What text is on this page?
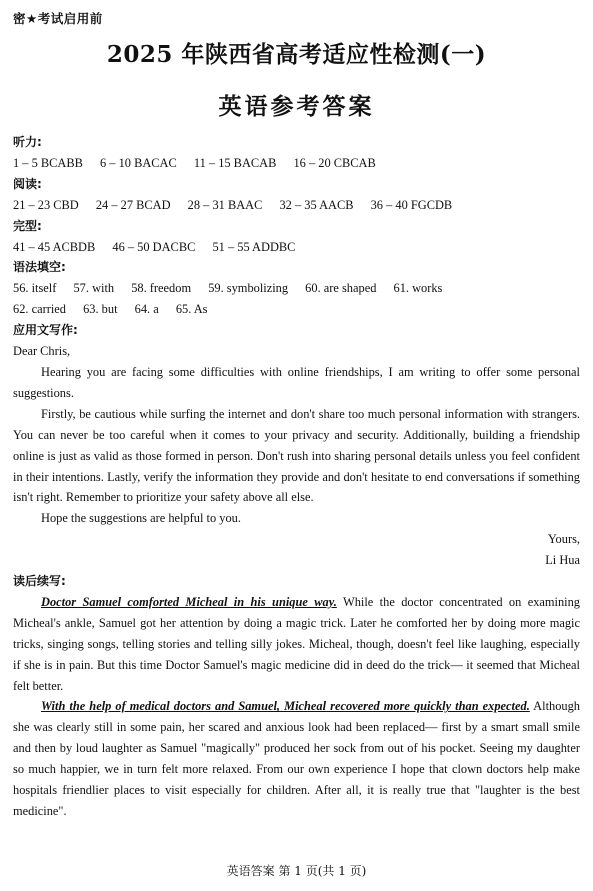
密★考试启用前
2025 年陕西省高考适应性检测(一)
英语参考答案
听力:
1 – 5 BCABB 6 – 10 BACAC 11 – 15 BACAB 16 – 20 CBCAB
阅读:
21 – 23 CBD 24 – 27 BCAD 28 – 31 BAAC 32 – 35 AACB 36 – 40 FGCDB
完型:
41 – 45 ACBDB 46 – 50 DACBC 51 – 55 ADDBC
语法填空:
56. itself 57. with 58. freedom 59. symbolizing 60. are shaped 61. works
62. carried 63. but 64. a 65. As
应用文写作:
Dear Chris,

Hearing you are facing some difficulties with online friendships, I am writing to offer some personal suggestions.

Firstly, be cautious while surfing the internet and don't share too much personal information with strangers. You can never be too careful when it comes to your privacy and security. Additionally, building a friendship online is just as valid as those formed in person. Don't rush into sharing personal details unless you feel confident in their intentions. Lastly, verify the information they provide and don't hesitate to end conversations if something isn't right. Remember to prioritize your safety above all else.

Hope the suggestions are helpful to you.

Yours,
Li Hua
读后续写:

Doctor Samuel comforted Micheal in his unique way. While the doctor concentrated on examining Micheal's ankle, Samuel got her attention by doing a magic trick. Later he comforted her by doing more magic tricks, singing songs, telling stories and telling silly jokes. Micheal, though, doesn't feel like laughing, especially if she is in pain. But this time Doctor Samuel's magic medicine did in deed do the trick— it seemed that Micheal felt better.

With the help of medical doctors and Samuel, Micheal recovered more quickly than expected. Although she was clearly still in some pain, her scared and anxious look had been replaced— first by a smart small smile and then by loud laughter as Samuel "magically" produced her sock from out of his pocket. Seeing my daughter so much happier, we in turn felt more relaxed. From our own experience I hope that clown doctors help make hospitals friendlier places to visit especially for children. After all, it is really true that "laughter is the best medicine".

英语答案 第 1 页(共 1 页)
